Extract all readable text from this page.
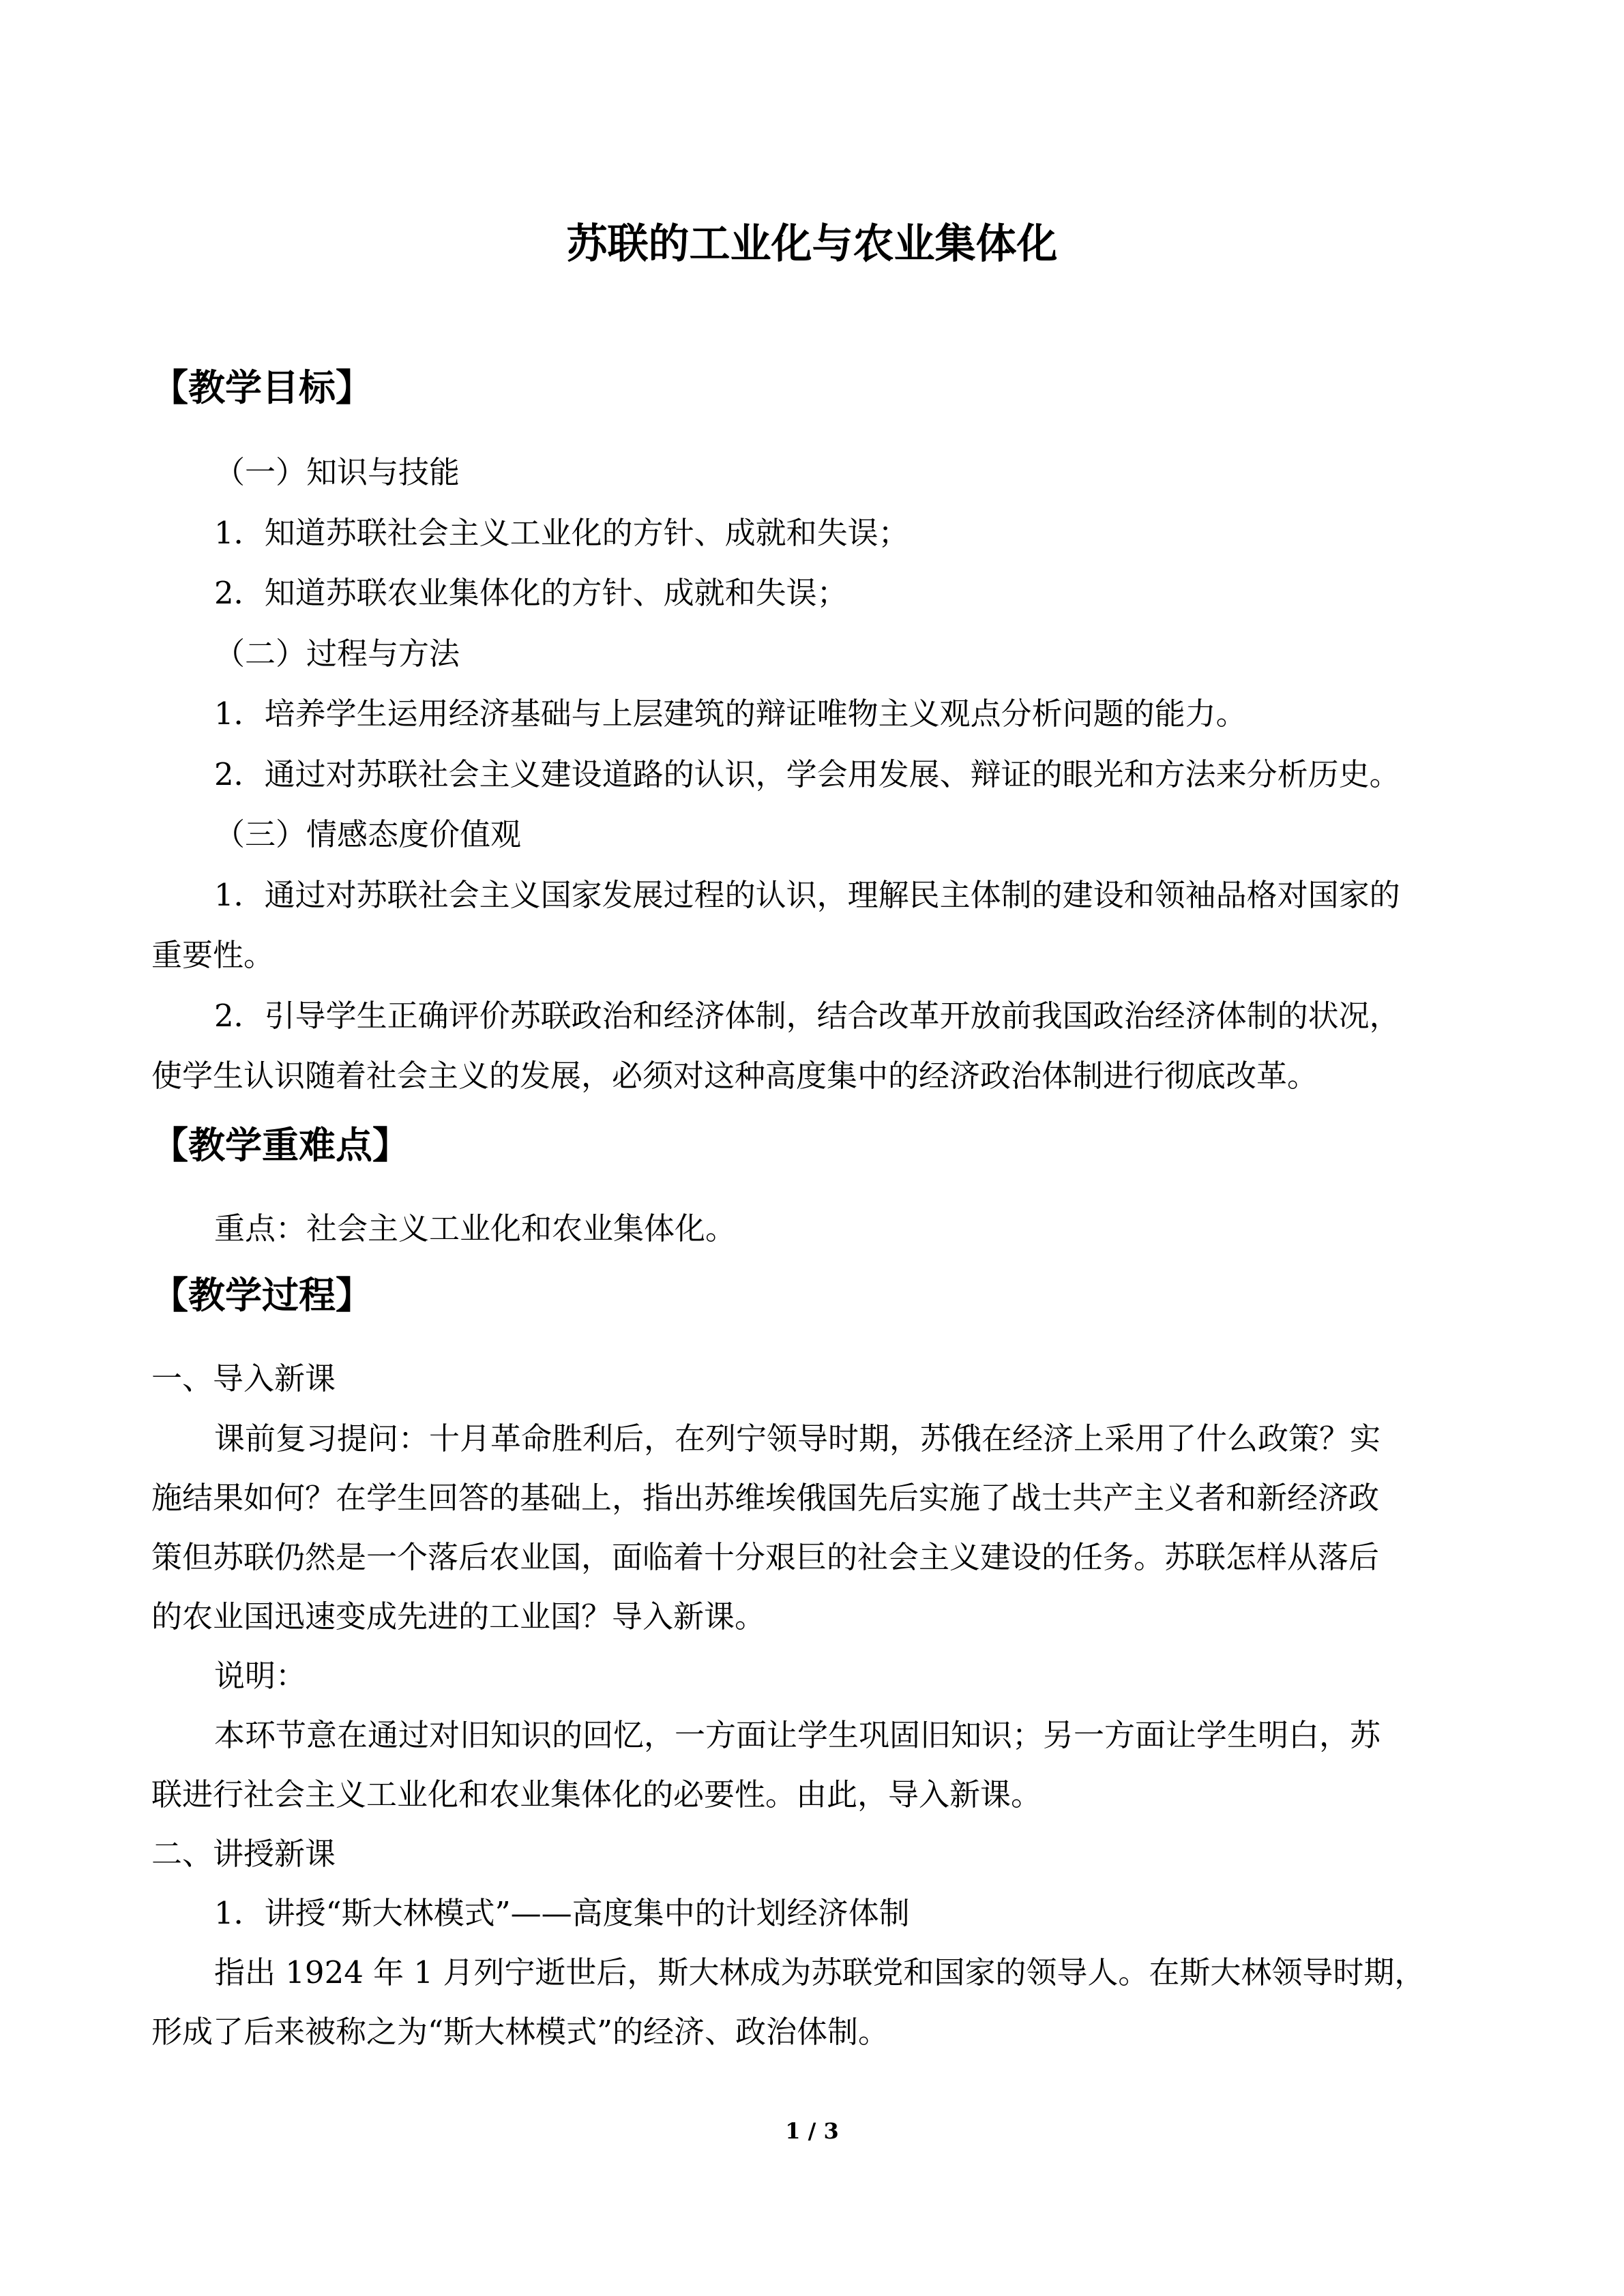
苏联的工业化与农业集体化
【教学目标】
（一）知识与技能
1．知道苏联社会主义工业化的方针、成就和失误；
2．知道苏联农业集体化的方针、成就和失误；
（二）过程与方法
1．培养学生运用经济基础与上层建筑的辩证唯物主义观点分析问题的能力。
2．通过对苏联社会主义建设道路的认识，学会用发展、辩证的眼光和方法来分析历史。
（三）情感态度价值观
1．通过对苏联社会主义国家发展过程的认识，理解民主体制的建设和领袖品格对国家的
重要性。
2．引导学生正确评价苏联政治和经济体制，结合改革开放前我国政治经济体制的状况，
使学生认识随着社会主义的发展，必须对这种高度集中的经济政治体制进行彻底改革。
【教学重难点】
重点：社会主义工业化和农业集体化。
【教学过程】
一、导入新课
课前复习提问：十月革命胜利后，在列宁领导时期，苏俄在经济上采用了什么政策？实
施结果如何？在学生回答的基础上，指出苏维埃俄国先后实施了战士共产主义者和新经济政
策但苏联仍然是一个落后农业国，面临着十分艰巨的社会主义建设的任务。苏联怎样从落后
的农业国迅速变成先进的工业国？导入新课。
说明：
本环节意在通过对旧知识的回忆，一方面让学生巩固旧知识；另一方面让学生明白，苏
联进行社会主义工业化和农业集体化的必要性。由此，导入新课。
二、讲授新课
1．讲授“斯大林模式”——高度集中的计划经济体制
指出 1924 年 1 月列宁逝世后，斯大林成为苏联党和国家的领导人。在斯大林领导时期，
形成了后来被称之为“斯大林模式”的经济、政治体制。
1 / 3
